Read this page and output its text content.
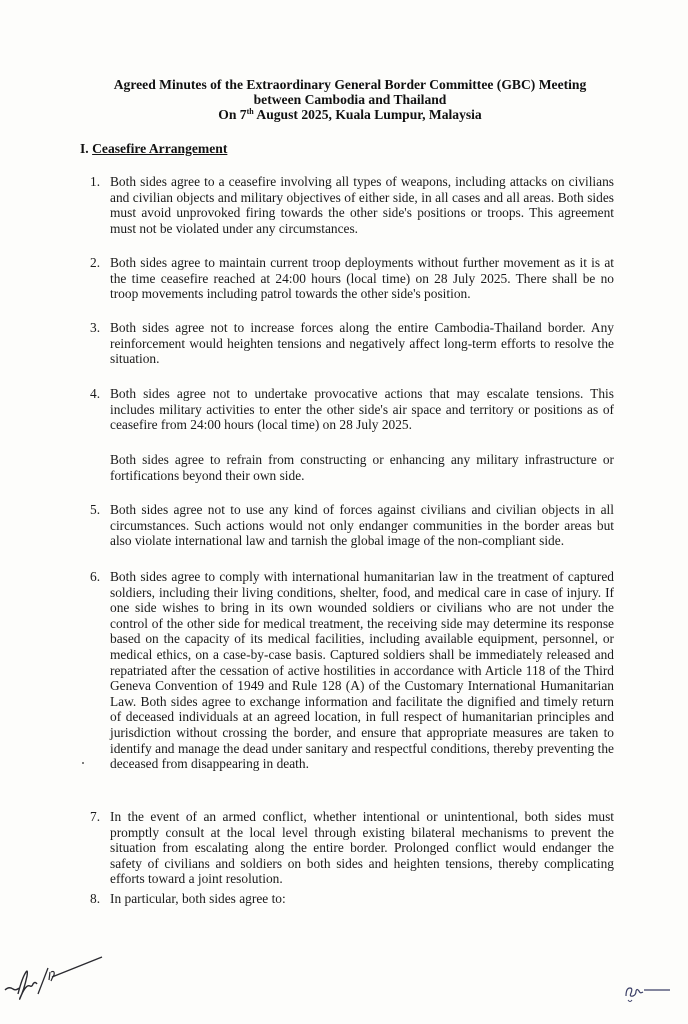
Agreed Minutes of the Extraordinary General Border Committee (GBC) Meeting
between Cambodia and Thailand
On 7th August 2025, Kuala Lumpur, Malaysia
I. Ceasefire Arrangement
1. Both sides agree to a ceasefire involving all types of weapons, including attacks on civilians and civilian objects and military objectives of either side, in all cases and all areas. Both sides must avoid unprovoked firing towards the other side's positions or troops. This agreement must not be violated under any circumstances.
2. Both sides agree to maintain current troop deployments without further movement as it is at the time ceasefire reached at 24:00 hours (local time) on 28 July 2025. There shall be no troop movements including patrol towards the other side's position.
3. Both sides agree not to increase forces along the entire Cambodia-Thailand border. Any reinforcement would heighten tensions and negatively affect long-term efforts to resolve the situation.
4. Both sides agree not to undertake provocative actions that may escalate tensions. This includes military activities to enter the other side's air space and territory or positions as of ceasefire from 24:00 hours (local time) on 28 July 2025.
Both sides agree to refrain from constructing or enhancing any military infrastructure or fortifications beyond their own side.
5. Both sides agree not to use any kind of forces against civilians and civilian objects in all circumstances. Such actions would not only endanger communities in the border areas but also violate international law and tarnish the global image of the non-compliant side.
6. Both sides agree to comply with international humanitarian law in the treatment of captured soldiers, including their living conditions, shelter, food, and medical care in case of injury. If one side wishes to bring in its own wounded soldiers or civilians who are not under the control of the other side for medical treatment, the receiving side may determine its response based on the capacity of its medical facilities, including available equipment, personnel, or medical ethics, on a case-by-case basis. Captured soldiers shall be immediately released and repatriated after the cessation of active hostilities in accordance with Article 118 of the Third Geneva Convention of 1949 and Rule 128 (A) of the Customary International Humanitarian Law. Both sides agree to exchange information and facilitate the dignified and timely return of deceased individuals at an agreed location, in full respect of humanitarian principles and jurisdiction without crossing the border, and ensure that appropriate measures are taken to identify and manage the dead under sanitary and respectful conditions, thereby preventing the deceased from disappearing in death.
7. In the event of an armed conflict, whether intentional or unintentional, both sides must promptly consult at the local level through existing bilateral mechanisms to prevent the situation from escalating along the entire border. Prolonged conflict would endanger the safety of civilians and soldiers on both sides and heighten tensions, thereby complicating efforts toward a joint resolution.
8. In particular, both sides agree to:
